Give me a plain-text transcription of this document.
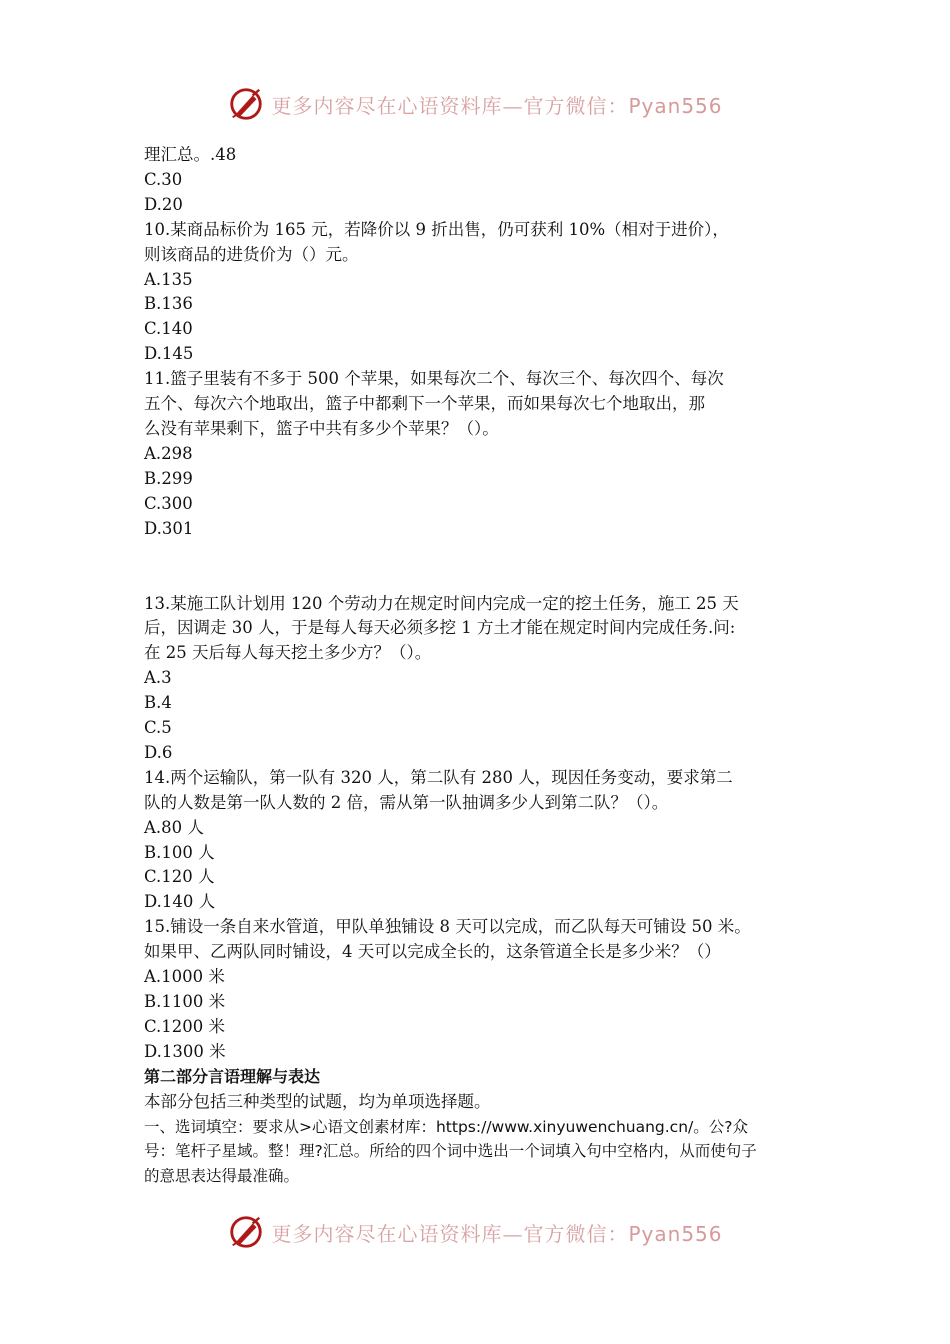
更多内容尽在心语资料库—官方微信：Pyan556
理汇总。.48
C.30
D.20
10.某商品标价为 165 元，若降价以 9 折出售，仍可获利 10%（相对于进价），
则该商品的进货价为（）元。
A.135
B.136
C.140
D.145
11.篮子里装有不多于 500 个苹果，如果每次二个、每次三个、每次四个、每次
五个、每次六个地取出，篮子中都剩下一个苹果，而如果每次七个地取出，那
么没有苹果剩下，篮子中共有多少个苹果？（）。
A.298
B.299
C.300
D.301
13.某施工队计划用 120 个劳动力在规定时间内完成一定的挖土任务，施工 25 天
后，因调走 30 人，于是每人每天必须多挖 1 方土才能在规定时间内完成任务.问:
在 25 天后每人每天挖土多少方？（）。
A.3
B.4
C.5
D.6
14.两个运输队，第一队有 320 人，第二队有 280 人，现因任务变动，要求第二
队的人数是第一队人数的 2 倍，需从第一队抽调多少人到第二队？（）。
A.80 人
B.100 人
C.120 人
D.140 人
15.铺设一条自来水管道，甲队单独铺设 8 天可以完成，而乙队每天可铺设 50 米。
如果甲、乙两队同时铺设，4 天可以完成全长的，这条管道全长是多少米？（）
A.1000 米
B.1100 米
C.1200 米
D.1300 米
第二部分言语理解与表达
本部分包括三种类型的试题，均为单项选择题。
一、选词填空：要求从>心语文创素材库：https://www.xinyuwenchuang.cn/。公?众
号：笔杆子星域。整！理?汇总。所给的四个词中选出一个词填入句中空格内，从而使句子
的意思表达得最准确。
更多内容尽在心语资料库—官方微信：Pyan556
